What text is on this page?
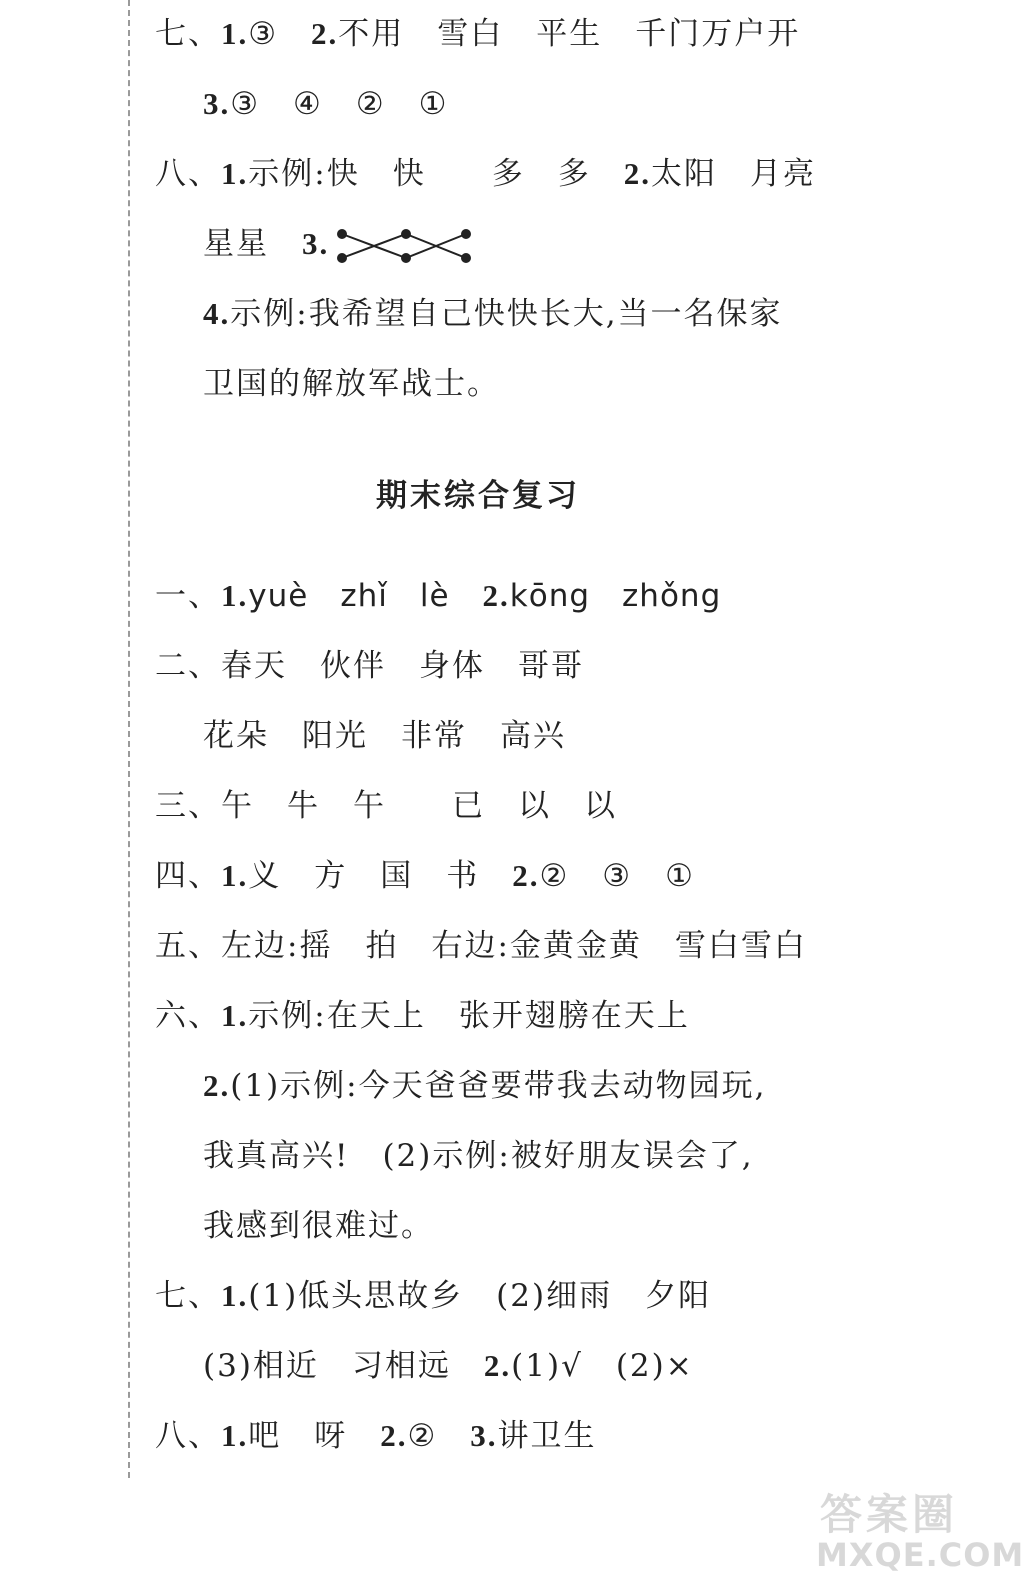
七、1.③　 2.不用　雪白　平生　千门万户开
3.③　④　②　①
八、1.示例:快　快　　多　多　 2.太阳　月亮
星星　 3.
4.示例:我希望自己快快长大,当一名保家
卫国的解放军战士。
期末综合复习
一、1.yuè　zhǐ　lè　 2.kōng　zhǒng
二、春天　伙伴　身体　哥哥
花朵　阳光　非常　高兴
三、午　牛　午　　已　以　以
四、1.义　方　国　书　 2.②　③　①
五、左边:摇　拍　右边:金黄金黄　雪白雪白
六、1.示例:在天上　张开翅膀在天上
2.(1)示例:今天爸爸要带我去动物园玩,
我真高兴!　(2)示例:被好朋友误会了,
我感到很难过。
七、1.(1)低头思故乡　(2)细雨　夕阳
(3)相近　习相远　 2.(1)√　(2)×
八、1.吧　呀　 2.②　 3.讲卫生
答案圈
MXQE.COM
